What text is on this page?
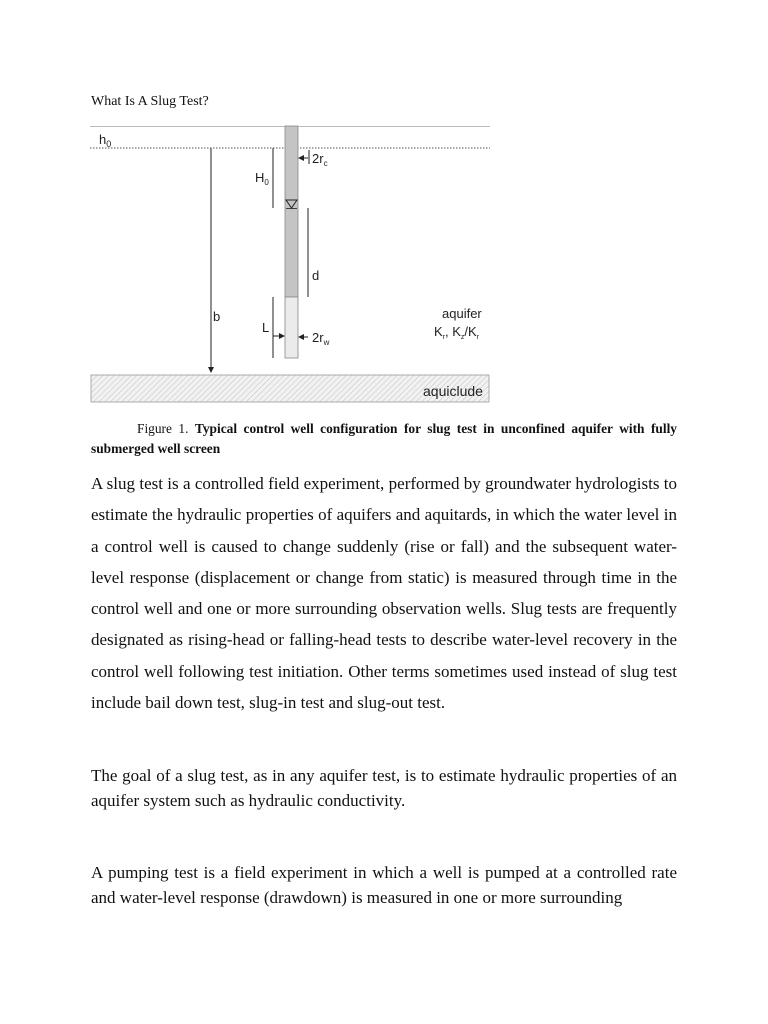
What Is A Slug Test?
$h_0$
$2r_c$
$H_0$
d
b
L
$2r_w$
aquifer
$K_r$, $K_z/K_r$
aquiclude

Figure 1. Typical control well configuration for slug test in unconfined aquifer with fully submerged well screen

A slug test is a controlled field experiment, performed by groundwater hydrologists to estimate the hydraulic properties of aquifers and aquitards, in which the water level in a control well is caused to change suddenly (rise or fall) and the subsequent water-level response (displacement or change from static) is measured through time in the control well and one or more surrounding observation wells. Slug tests are frequently designated as rising-head or falling-head tests to describe water-level recovery in the control well following test initiation. Other terms sometimes used instead of slug test include bail down test, slug-in test and slug-out test.

The goal of a slug test, as in any aquifer test, is to estimate hydraulic properties of an aquifer system such as hydraulic conductivity.

A pumping test is a field experiment in which a well is pumped at a controlled rate and water-level response (drawdown) is measured in one or more surrounding
